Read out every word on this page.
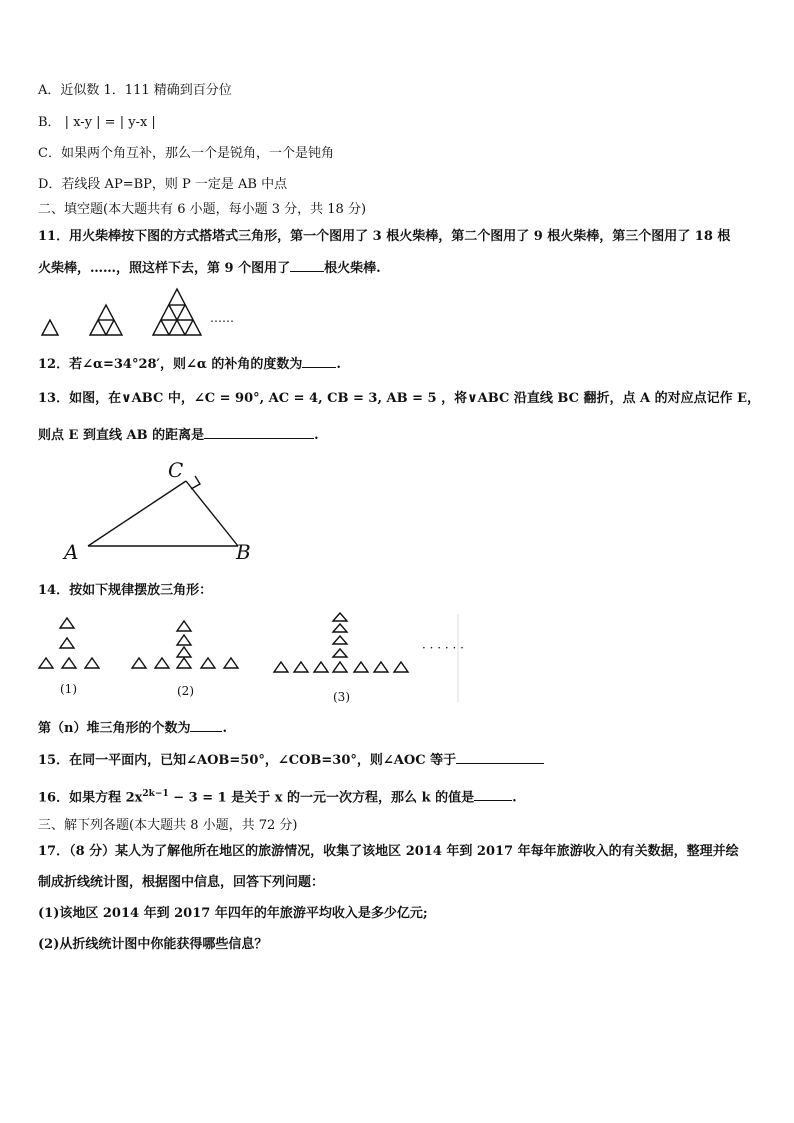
A．近似数 1．111 精确到百分位
B． | x-y | = | y-x |
C．如果两个角互补，那么一个是锐角，一个是钝角
D．若线段 AP=BP，则 P 一定是 AB 中点
二、填空题(本大题共有 6 小题，每小题 3 分，共 18 分)
11．用火柴棒按下图的方式搭塔式三角形，第一个图用了 3 根火柴棒，第二个图用了 9 根火柴棒，第三个图用了 18 根
火柴棒，……，照这样下去，第 9 个图用了	根火柴棒.
……
12．若∠α=34°28′，则∠α 的补角的度数为	.
13．如图，在∨ABC 中，∠C = 90°, AC = 4, CB = 3, AB = 5 ，将∨ABC 沿直线 BC 翻折，点 A 的对应点记作 E，
则点 E 到直线 AB 的距离是	.
A	B
C
14．按如下规律摆放三角形：
· · · · · ·
(1)	(2)	(3)
第（n）堆三角形的个数为 .
15．在同一平面内，已知∠AOB=50°，∠COB=30°，则∠AOC 等于
16．如果方程 $2x^{2k-1} - 3 = 1$ 是关于 x 的一元一次方程，那么 k 的值是	.
三、解下列各题(本大题共 8 小题，共 72 分)
17．（8 分）某人为了解他所在地区的旅游情况，收集了该地区 2014 年到 2017 年每年旅游收入的有关数据，整理并绘
制成折线统计图，根据图中信息，回答下列问题：
(1)该地区 2014 年到 2017 年四年的年旅游平均收入是多少亿元;
(2)从折线统计图中你能获得哪些信息？
